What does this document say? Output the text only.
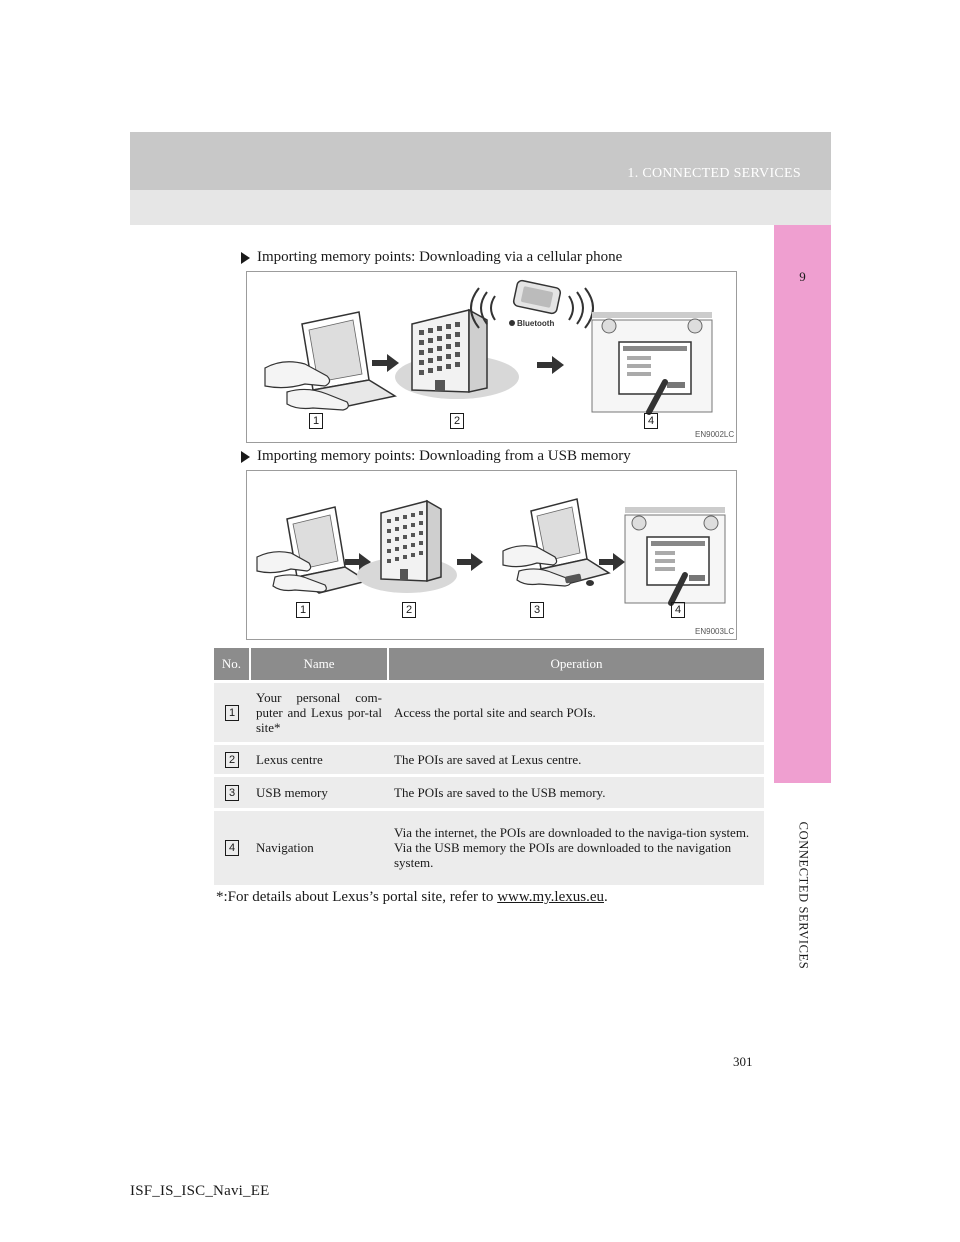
1. CONNECTED SERVICES
9
CONNECTED SERVICES
Importing memory points: Downloading via a cellular phone
Bluetooth
1	2	4
EN9002LC
Importing memory points: Downloading from a USB memory
1	2	3	4
EN9003LC
No.	Name	Operation
1	Your personal com-puter and Lexus por-tal site*	Access the portal site and search POIs.
2	Lexus centre	The POIs are saved at Lexus centre.
3	USB memory	The POIs are saved to the USB memory.
4	Navigation	Via the internet, the POIs are downloaded to the naviga-tion system. Via the USB memory the POIs are downloaded to the navigation system.
*:For details about Lexus’s portal site, refer to www.my.lexus.eu.
301
ISF_IS_ISC_Navi_EE
